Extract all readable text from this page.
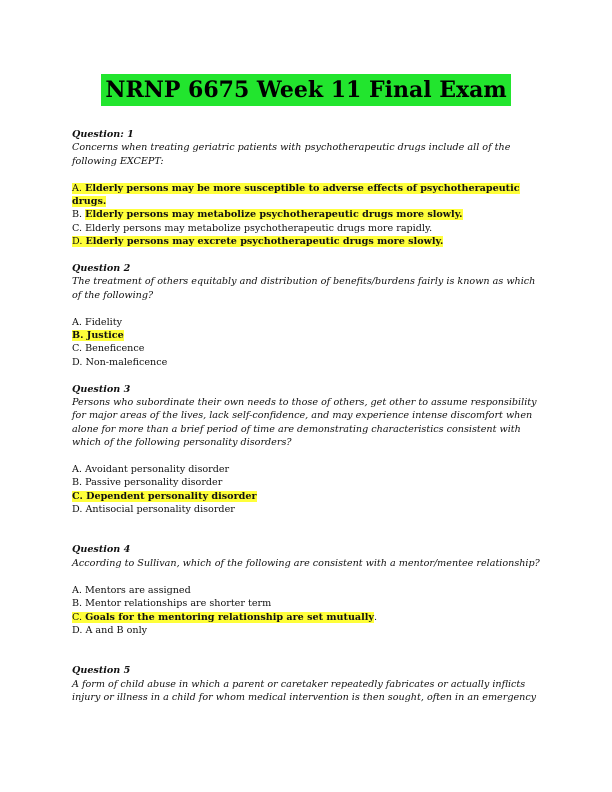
NRNP 6675 Week 11 Final Exam
Question: 1
Concerns when treating geriatric patients with psychotherapeutic drugs include all of the following EXCEPT:
A. Elderly persons may be more susceptible to adverse effects of psychotherapeutic drugs.
B. Elderly persons may metabolize psychotherapeutic drugs more slowly.
C. Elderly persons may metabolize psychotherapeutic drugs more rapidly.
D. Elderly persons may excrete psychotherapeutic drugs more slowly.
Question 2
The treatment of others equitably and distribution of benefits/burdens fairly is known as which of the following?
A. Fidelity
B. Justice
C. Beneficence
D. Non-maleficence
Question 3
Persons who subordinate their own needs to those of others, get other to assume responsibility for major areas of the lives, lack self-confidence, and may experience intense discomfort when alone for more than a brief period of time are demonstrating characteristics consistent with which of the following personality disorders?
A. Avoidant personality disorder
B. Passive personality disorder
C. Dependent personality disorder
D. Antisocial personality disorder
Question 4
According to Sullivan, which of the following are consistent with a mentor/mentee relationship?
A. Mentors are assigned
B. Mentor relationships are shorter term
C. Goals for the mentoring relationship are set mutually.
D. A and B only
Question 5
A form of child abuse in which a parent or caretaker repeatedly fabricates or actually inflicts injury or illness in a child for whom medical intervention is then sought, often in an emergency
